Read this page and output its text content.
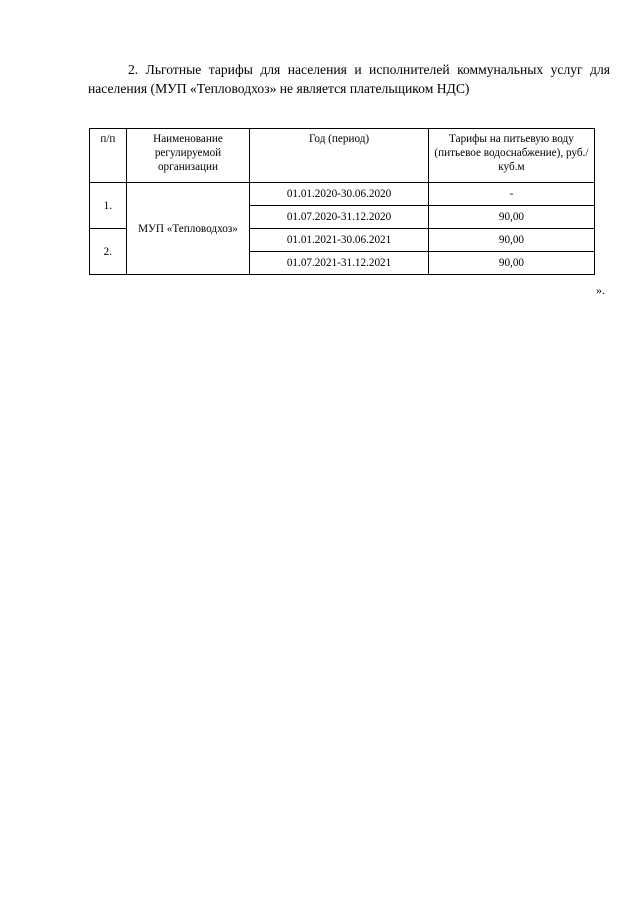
2. Льготные тарифы для населения и исполнителей коммунальных услуг для населения (МУП «Тепловодхоз» не является плательщиком НДС)
п/п	Наименование регулируемой организации	Год (период)	Тарифы на питьевую воду (питьевое водоснабжение), руб./куб.м
1.	МУП «Тепловодхоз»	01.01.2020-30.06.2020	-
		01.07.2020-31.12.2020	90,00
2.		01.01.2021-30.06.2021	90,00
		01.07.2021-31.12.2021	90,00
».
